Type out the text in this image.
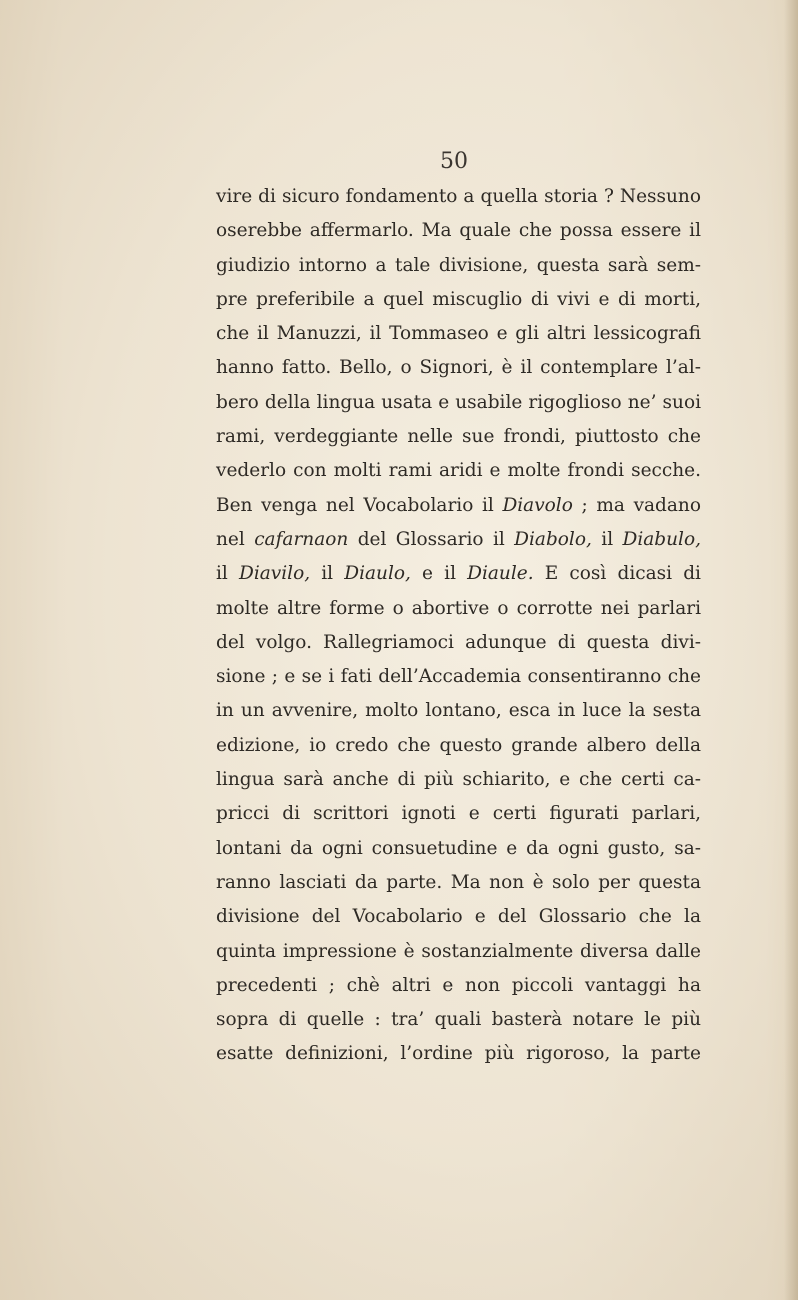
50
vire di sicuro fondamento a quella storia ? Nessuno
oserebbe affermarlo. Ma quale che possa essere il
giudizio intorno a tale divisione, questa sarà sem-
pre preferibile a quel miscuglio di vivi e di morti,
che il Manuzzi, il Tommaseo e gli altri lessicografi
hanno fatto. Bello, o Signori, è il contemplare l’al-
bero della lingua usata e usabile rigoglioso ne’ suoi
rami, verdeggiante nelle sue frondi, piuttosto che
vederlo con molti rami aridi e molte frondi secche.
Ben venga nel Vocabolario il Diavolo ; ma vadano
nel cafarnaon del Glossario il Diabolo, il Diabulo,
il Diavilo, il Diaulo, e il Diaule. E così dicasi di
molte altre forme o abortive o corrotte nei parlari
del volgo. Rallegriamoci adunque di questa divi-
sione ; e se i fati dell’Accademia consentiranno che
in un avvenire, molto lontano, esca in luce la sesta
edizione, io credo che questo grande albero della
lingua sarà anche di più schiarito, e che certi ca-
pricci di scrittori ignoti e certi figurati parlari,
lontani da ogni consuetudine e da ogni gusto, sa-
ranno lasciati da parte. Ma non è solo per questa
divisione del Vocabolario e del Glossario che la
quinta impressione è sostanzialmente diversa dalle
precedenti ; chè altri e non piccoli vantaggi ha
sopra di quelle : tra’ quali basterà notare le più
esatte definizioni, l’ordine più rigoroso, la parte
